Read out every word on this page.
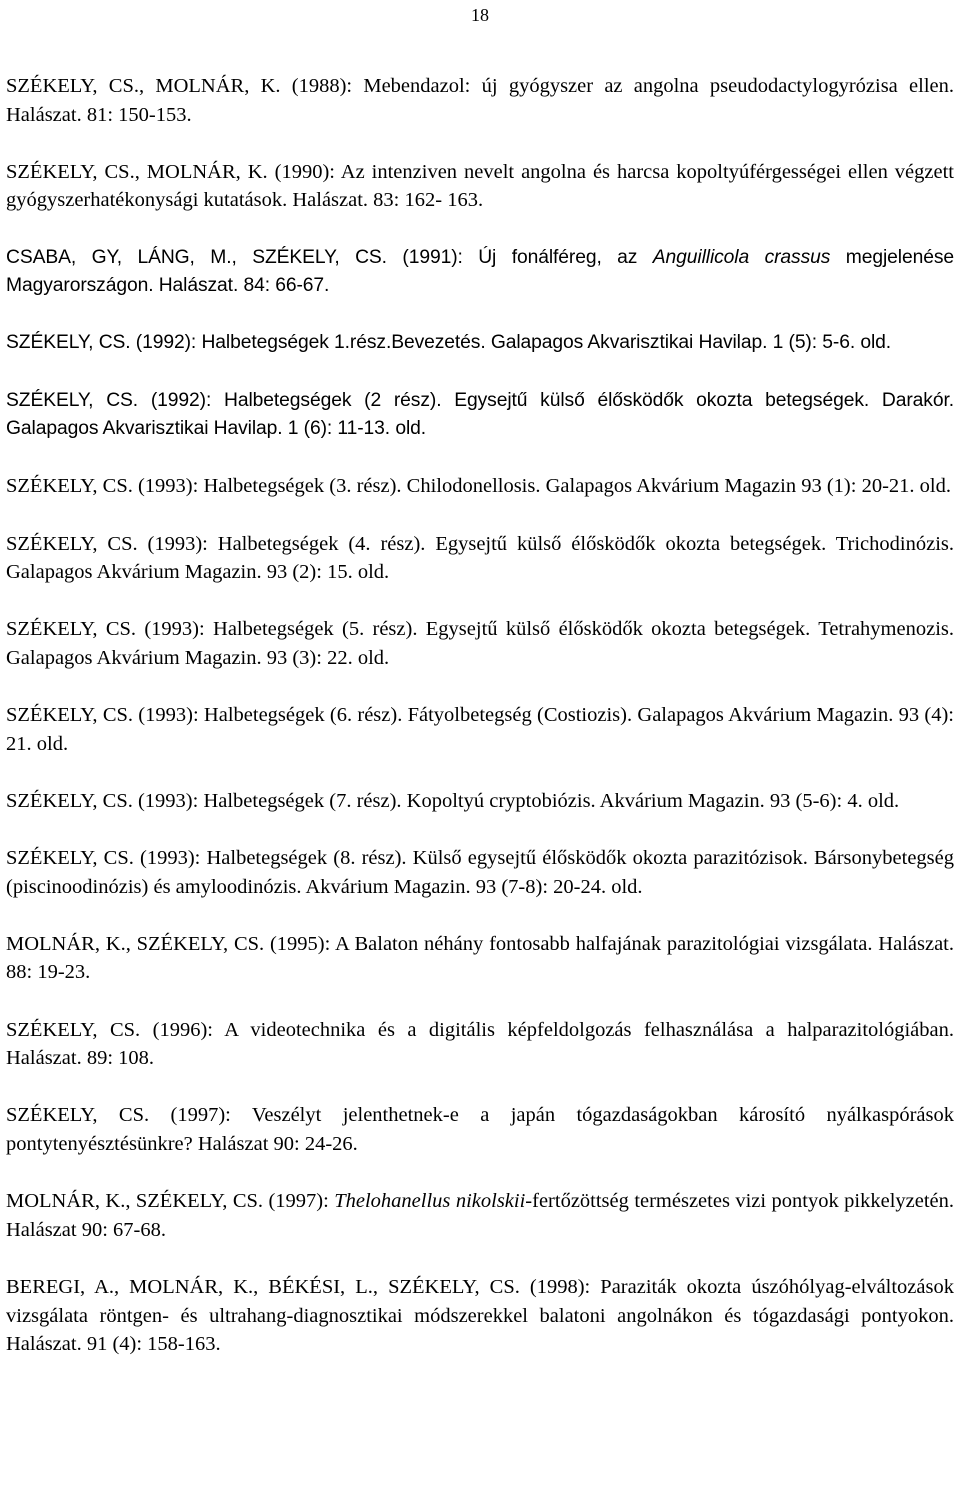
18

SZÉKELY, CS., MOLNÁR, K. (1988): Mebendazol: új gyógyszer az angolna pseudodactylogyrózisa ellen. Halászat. 81: 150-153.

SZÉKELY, CS., MOLNÁR, K. (1990): Az intenziven nevelt angolna és harcsa kopoltyúférgességei ellen végzett gyógyszerhatékonysági kutatások. Halászat. 83: 162- 163.

CSABA, GY, LÁNG, M., SZÉKELY, CS. (1991): Új fonálféreg, az Anguillicola crassus megjelenése Magyarországon. Halászat. 84: 66-67.

SZÉKELY, CS. (1992): Halbetegségek 1.rész.Bevezetés. Galapagos Akvarisztikai Havilap. 1 (5): 5-6. old.

SZÉKELY, CS. (1992): Halbetegségek (2 rész). Egysejtű külső élősködők okozta betegségek. Darakór. Galapagos Akvarisztikai Havilap. 1 (6): 11-13. old.

SZÉKELY, CS. (1993): Halbetegségek (3. rész). Chilodonellosis. Galapagos Akvárium Magazin 93 (1): 20-21. old.

SZÉKELY, CS. (1993): Halbetegségek (4. rész). Egysejtű külső élősködők okozta betegségek. Trichodinózis. Galapagos Akvárium Magazin. 93 (2): 15. old.

SZÉKELY, CS. (1993): Halbetegségek (5. rész). Egysejtű külső élősködők okozta betegségek. Tetrahymenozis. Galapagos Akvárium Magazin. 93 (3): 22. old.

SZÉKELY, CS. (1993): Halbetegségek (6. rész). Fátyolbetegség (Costiozis). Galapagos Akvárium Magazin. 93 (4): 21. old.

SZÉKELY, CS. (1993): Halbetegségek (7. rész). Kopoltyú cryptobiózis. Akvárium Magazin. 93 (5-6): 4. old.

SZÉKELY, CS. (1993): Halbetegségek (8. rész). Külső egysejtű élősködők okozta parazitózisok. Bársonybetegség (piscinoodinózis) és amyloodinózis. Akvárium Magazin. 93 (7-8): 20-24. old.

MOLNÁR, K., SZÉKELY, CS. (1995): A Balaton néhány fontosabb halfajának parazitológiai vizsgálata. Halászat. 88: 19-23.

SZÉKELY, CS. (1996): A videotechnika és a digitális képfeldolgozás felhasználása a halparazitológiában. Halászat. 89: 108.

SZÉKELY, CS. (1997): Veszélyt jelenthetnek-e a japán tógazdaságokban károsító nyálkaspórások pontytenyésztésünkre? Halászat 90: 24-26.

MOLNÁR, K., SZÉKELY, CS. (1997): Thelohanellus nikolskii-fertőzöttség természetes vizi pontyok pikkelyzetén. Halászat 90: 67-68.

BEREGI, A., MOLNÁR, K., BÉKÉSI, L., SZÉKELY, CS. (1998): Paraziták okozta úszóhólyag-elváltozások vizsgálata röntgen- és ultrahang-diagnosztikai módszerekkel balatoni angolnákon és tógazdasági pontyokon. Halászat. 91 (4): 158-163.
